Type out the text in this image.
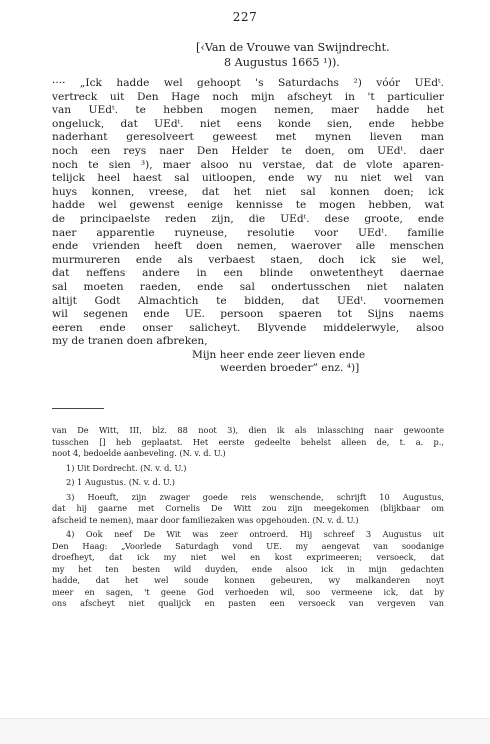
227
[‹Van de Vrouwe van Swijndrecht.
8 Augustus 1665 ¹)).
···· „Ick hadde wel gehoopt 's Saturdachs ²) vóór UEdᵗ.
vertreck uit Den Hage noch mijn afscheyt in 't particulier
van UEdᵗ. te hebben mogen nemen, maer hadde het
ongeluck, dat UEdᵗ. niet eens konde sien, ende hebbe
naderhant geresolveert geweest met mynen lieven man
noch een reys naer Den Helder te doen, om UEdᵗ. daer
noch te sien ³), maer alsoo nu verstae, dat de vlote aparen-
telijck heel haest sal uitloopen, ende wy nu niet wel van
huys konnen, vreese, dat het niet sal konnen doen; ick
hadde wel gewenst eenige kennisse te mogen hebben, wat
de principaelste reden zijn, die UEdᵗ. dese groote, ende
naer apparentie ruyneuse, resolutie voor UEdᵗ. familie
ende vrienden heeft doen nemen, waerover alle menschen
murmureren ende als verbaest staen, doch ick sie wel,
dat neffens andere in een blinde onwetentheyt daernae
sal moeten raeden, ende sal ondertusschen niet nalaten
altijt Godt Almachtich te bidden, dat UEdᵗ. voornemen
wil segenen ende UE. persoon spaeren tot Sijns naems
eeren ende onser salicheyt. Blyvende middelerwyle, alsoo
my de tranen doen afbreken,
Mijn heer ende zeer lieven ende
weerden broeder” enz. ⁴)]
van De Witt, III, blz. 88 noot 3), dien ik als inlassching naar gewoonte
tusschen [] heb geplaatst. Het eerste gedeelte behelst alleen de, t. a. p.,
noot 4, bedoelde aanbeveling. (N. v. d. U.)
1) Uit Dordrecht. (N. v. d. U.)
2) 1 Augustus. (N. v. d. U.)
3) Hoeuft, zijn zwager goede reis wenschende, schrijft 10 Augustus,
dat hij gaarne met Cornelis De Witt zou zijn meegekomen (blijkbaar om
afscheid te nemen), maar door familiezaken was opgehouden. (N. v. d. U.)
4) Ook neef De Wit was zeer ontroerd. Hij schreef 3 Augustus uit
Den Haag: „Voorlede Saturdagh vond UE. my aengevat van soodanige
droefheyt, dat ick my niet wel en kost exprimeeren; versoeck, dat
my het ten besten wild duyden, ende alsoo ick in mijn gedachten
hadde, dat het wel soude konnen gebeuren, wy malkanderen noyt
meer en sagen, 't geene God verhoeden wil, soo vermeene ick, dat by
ons afscheyt niet qualijck en pasten een versoeck van vergeven van
